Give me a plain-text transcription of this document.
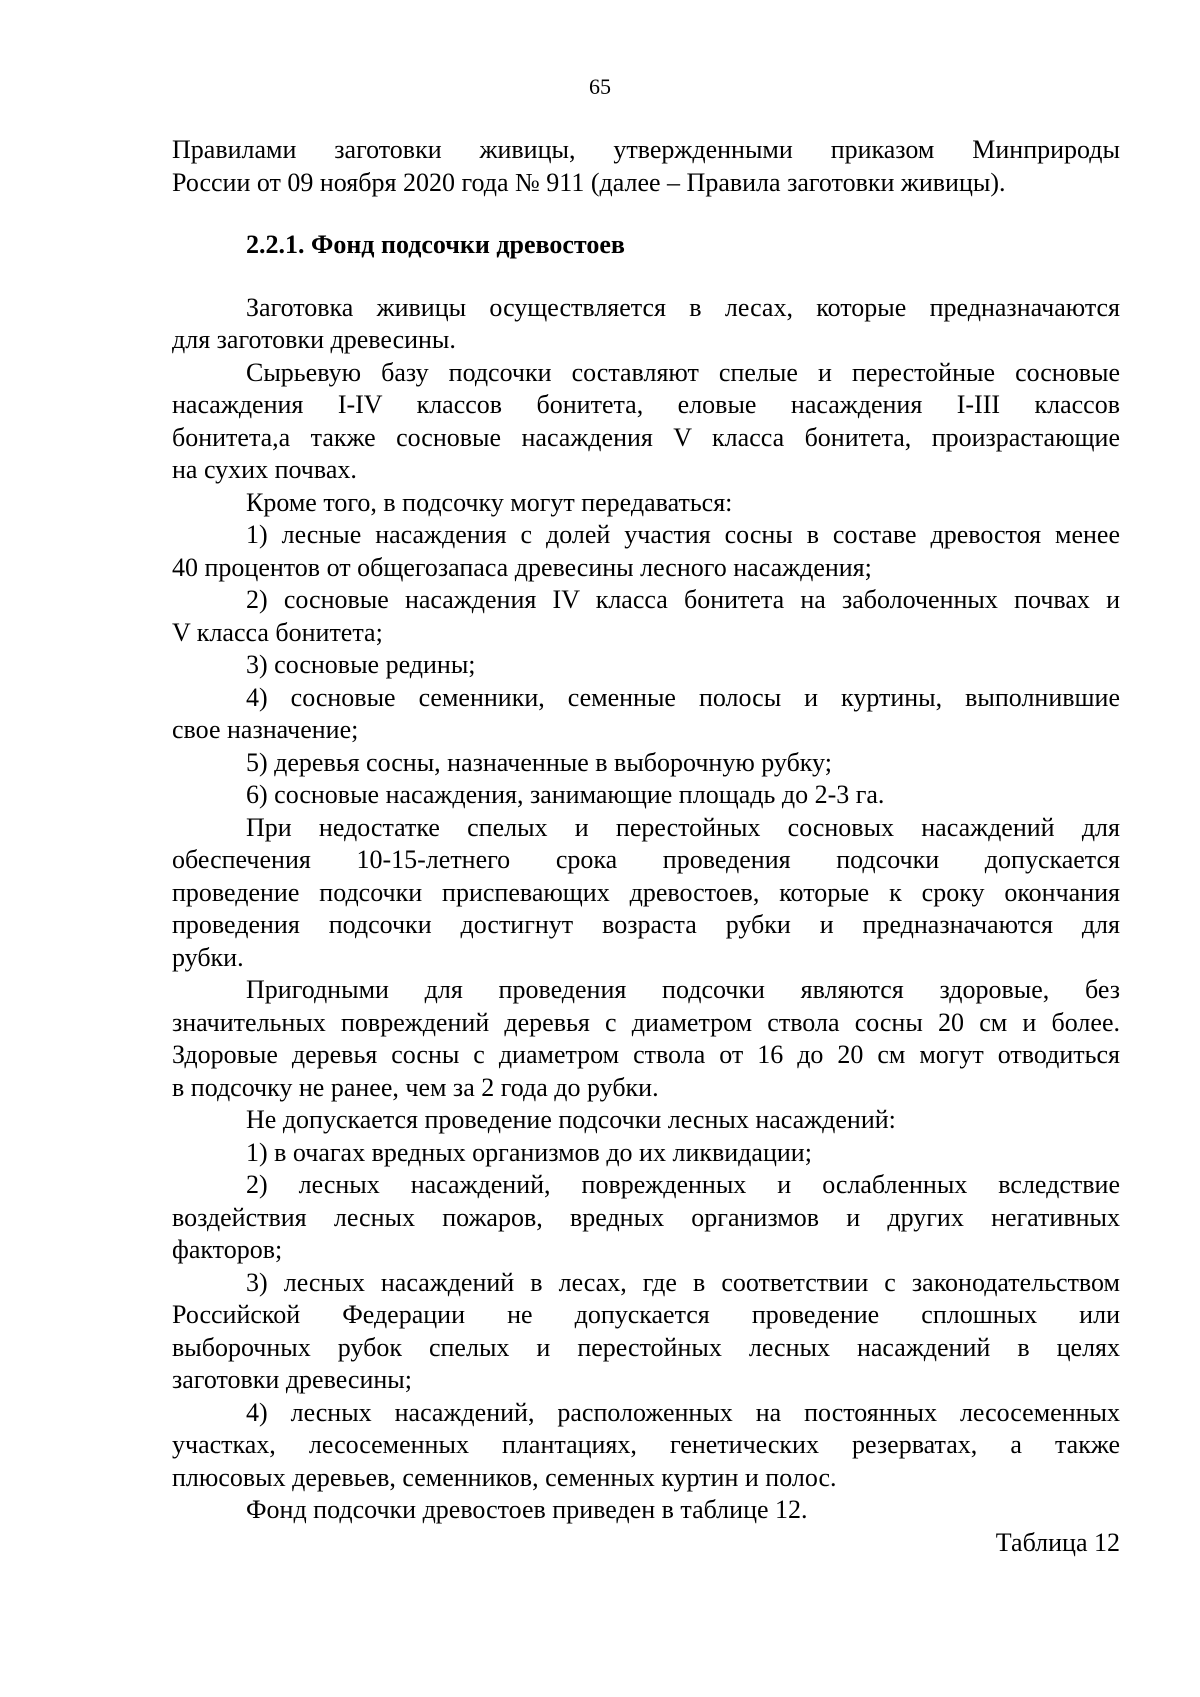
65

Правилами заготовки живицы, утвержденными приказом Минприроды

России от 09 ноября 2020 года № 911 (далее – Правила заготовки живицы).

2.2.1. Фонд подсочки древостоев

Заготовка живицы осуществляется в лесах, которые предназначаются

для заготовки древесины.

Сырьевую базу подсочки составляют спелые и перестойные сосновые

насаждения I-IV классов бонитета, еловые насаждения I-III классов

бонитета,а также сосновые насаждения V класса бонитета, произрастающие

на сухих почвах.

Кроме того, в подсочку могут передаваться:

1) лесные насаждения с долей участия сосны в составе древостоя менее

40 процентов от общегозапаса древесины лесного насаждения;

2) сосновые насаждения IV класса бонитета на заболоченных почвах и

V класса бонитета;

3) сосновые редины;

4) сосновые семенники, семенные полосы и куртины, выполнившие

свое назначение;

5) деревья сосны, назначенные в выборочную рубку;

6) сосновые насаждения, занимающие площадь до 2-3 га.

При недостатке спелых и перестойных сосновых насаждений для

обеспечения 10-15-летнего срока проведения подсочки допускается

проведение подсочки приспевающих древостоев, которые к сроку окончания

проведения подсочки достигнут возраста рубки и предназначаются для

рубки.

Пригодными для проведения подсочки являются здоровые, без

значительных повреждений деревья с диаметром ствола сосны 20 см и более.

Здоровые деревья сосны с диаметром ствола от 16 до 20 см могут отводиться

в подсочку не ранее, чем за 2 года до рубки.

Не допускается проведение подсочки лесных насаждений:

1) в очагах вредных организмов до их ликвидации;

2) лесных насаждений, поврежденных и ослабленных вследствие

воздействия лесных пожаров, вредных организмов и других негативных

факторов;

3) лесных насаждений в лесах, где в соответствии с законодательством

Российской Федерации не допускается проведение сплошных или

выборочных рубок спелых и перестойных лесных насаждений в целях

заготовки древесины;

4) лесных насаждений, расположенных на постоянных лесосеменных

участках, лесосеменных плантациях, генетических резерватах, а также

плюсовых деревьев, семенников, семенных куртин и полос.

Фонд подсочки древостоев приведен в таблице 12.

Таблица 12
